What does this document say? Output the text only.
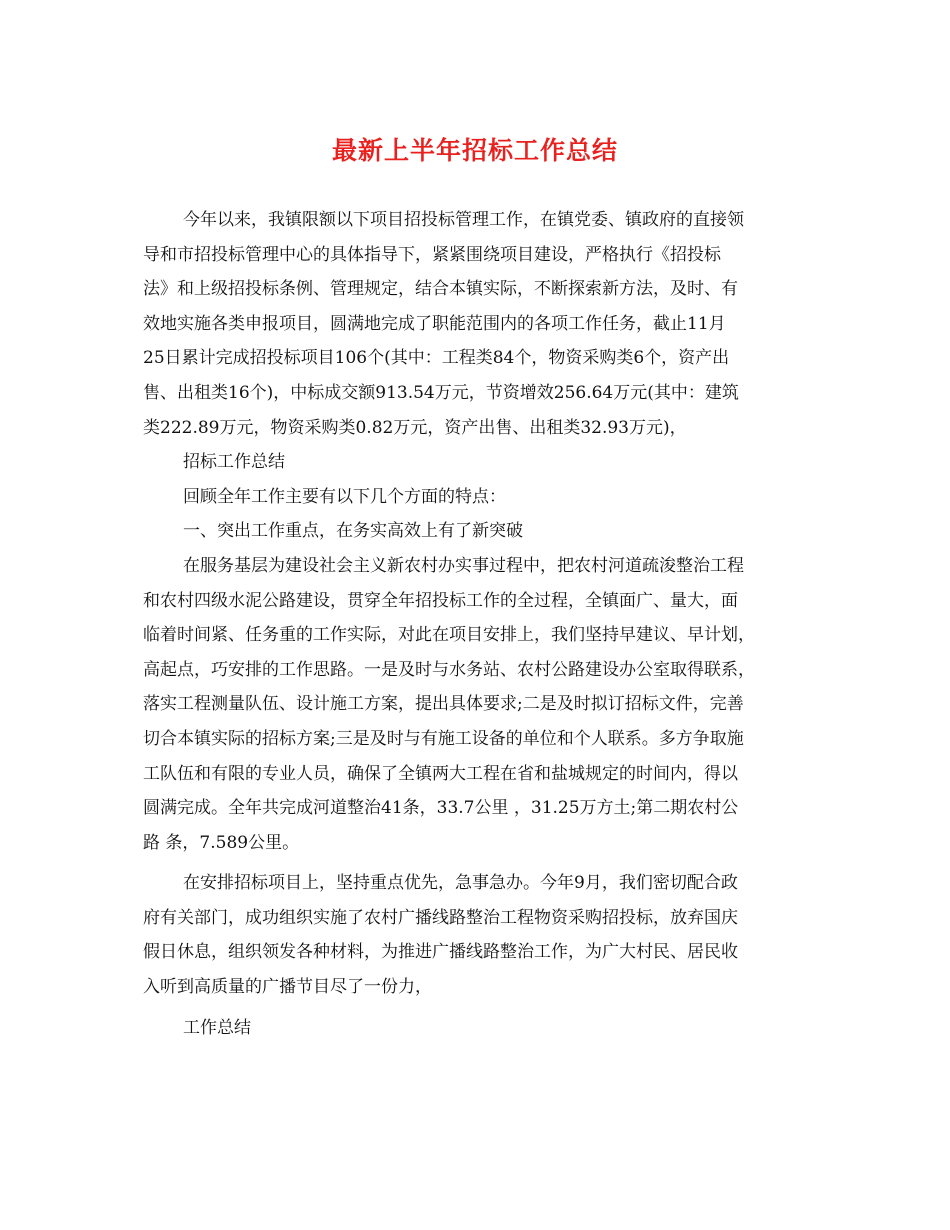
最新上半年招标工作总结
今年以来，我镇限额以下项目招投标管理工作，在镇党委、镇政府的直接领
导和市招投标管理中心的具体指导下，紧紧围绕项目建设，严格执行《招投标
法》和上级招投标条例、管理规定，结合本镇实际，不断探索新方法，及时、有
效地实施各类申报项目，圆满地完成了职能范围内的各项工作任务，截止11月
25日累计完成招投标项目106个(其中：工程类84个，物资采购类6个，资产出
售、出租类16个)，中标成交额913.54万元，节资增效256.64万元(其中：建筑
类222.89万元，物资采购类0.82万元，资产出售、出租类32.93万元)，
招标工作总结
回顾全年工作主要有以下几个方面的特点：
一、突出工作重点，在务实高效上有了新突破
在服务基层为建设社会主义新农村办实事过程中，把农村河道疏浚整治工程
和农村四级水泥公路建设，贯穿全年招投标工作的全过程，全镇面广、量大，面
临着时间紧、任务重的工作实际，对此在项目安排上，我们坚持早建议、早计划，
高起点，巧安排的工作思路。一是及时与水务站、农村公路建设办公室取得联系，
落实工程测量队伍、设计施工方案，提出具体要求;二是及时拟订招标文件，完善
切合本镇实际的招标方案;三是及时与有施工设备的单位和个人联系。多方争取施
工队伍和有限的专业人员，确保了全镇两大工程在省和盐城规定的时间内，得以
圆满完成。全年共完成河道整治41条，33.7公里 ，31.25万方土;第二期农村公
路 条，7.589公里。
在安排招标项目上，坚持重点优先，急事急办。今年9月，我们密切配合政
府有关部门，成功组织实施了农村广播线路整治工程物资采购招投标，放弃国庆
假日休息，组织领发各种材料，为推进广播线路整治工作，为广大村民、居民收
入听到高质量的广播节目尽了一份力，
工作总结
